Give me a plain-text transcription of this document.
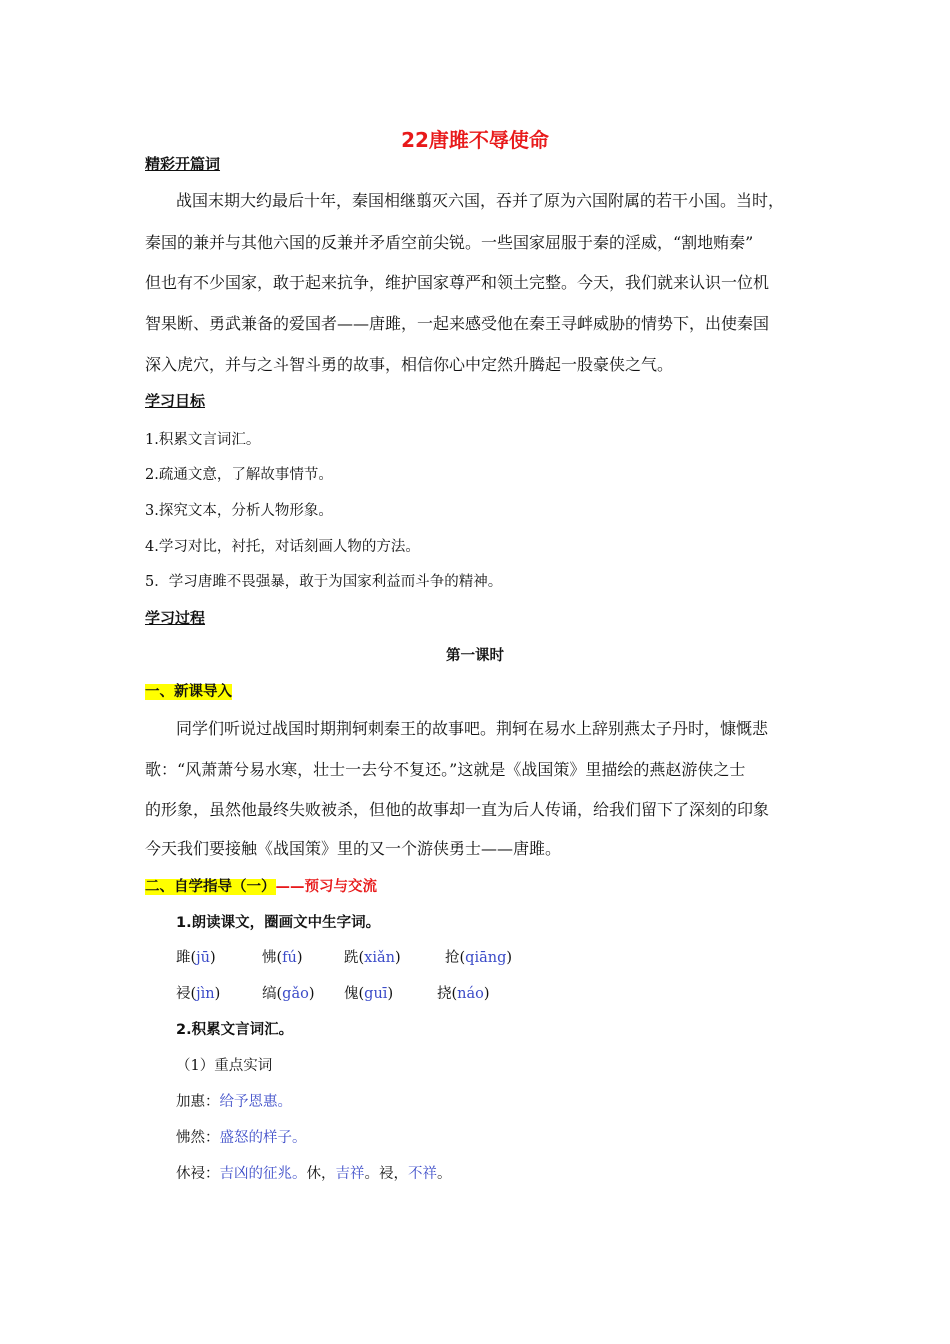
22唐雎不辱使命
精彩开篇词
战国末期大约最后十年，秦国相继翦灭六国，吞并了原为六国附属的若干小国。当时，
秦国的兼并与其他六国的反兼并矛盾空前尖锐。一些国家屈服于秦的淫威，“割地贿秦”
但也有不少国家，敢于起来抗争，维护国家尊严和领土完整。今天，我们就来认识一位机
智果断、勇武兼备的爱国者——唐雎，一起来感受他在秦王寻衅威胁的情势下，出使秦国
深入虎穴，并与之斗智斗勇的故事，相信你心中定然升腾起一股豪侠之气。
学习目标
1.积累文言词汇。
2.疏通文意，了解故事情节。
3.探究文本，分析人物形象。
4.学习对比，衬托，对话刻画人物的方法。
5．学习唐雎不畏强暴，敢于为国家利益而斗争的精神。
学习过程
第一课时
一、新课导入
同学们听说过战国时期荆轲刺秦王的故事吧。荆轲在易水上辞别燕太子丹时，慷慨悲
歌：“风萧萧兮易水寒，壮士一去兮不复还。”这就是《战国策》里描绘的燕赵游侠之士
的形象，虽然他最终失败被杀，但他的故事却一直为后人传诵，给我们留下了深刻的印象
今天我们要接触《战国策》里的又一个游侠勇士——唐雎。
二、自学指导（一）——预习与交流
1.朗读课文，圈画文中生字词。
雎(jū)	怫(fú)	跣(xiǎn)	抢(qiāng)
祲(jìn)	缟(gǎo) 傀(guī)	挠(náo)
2.积累文言词汇。
（1）重点实词
加惠：给予恩惠。
怫然：盛怒的样子。
休祲：吉凶的征兆。休，吉祥。祲，不祥。
